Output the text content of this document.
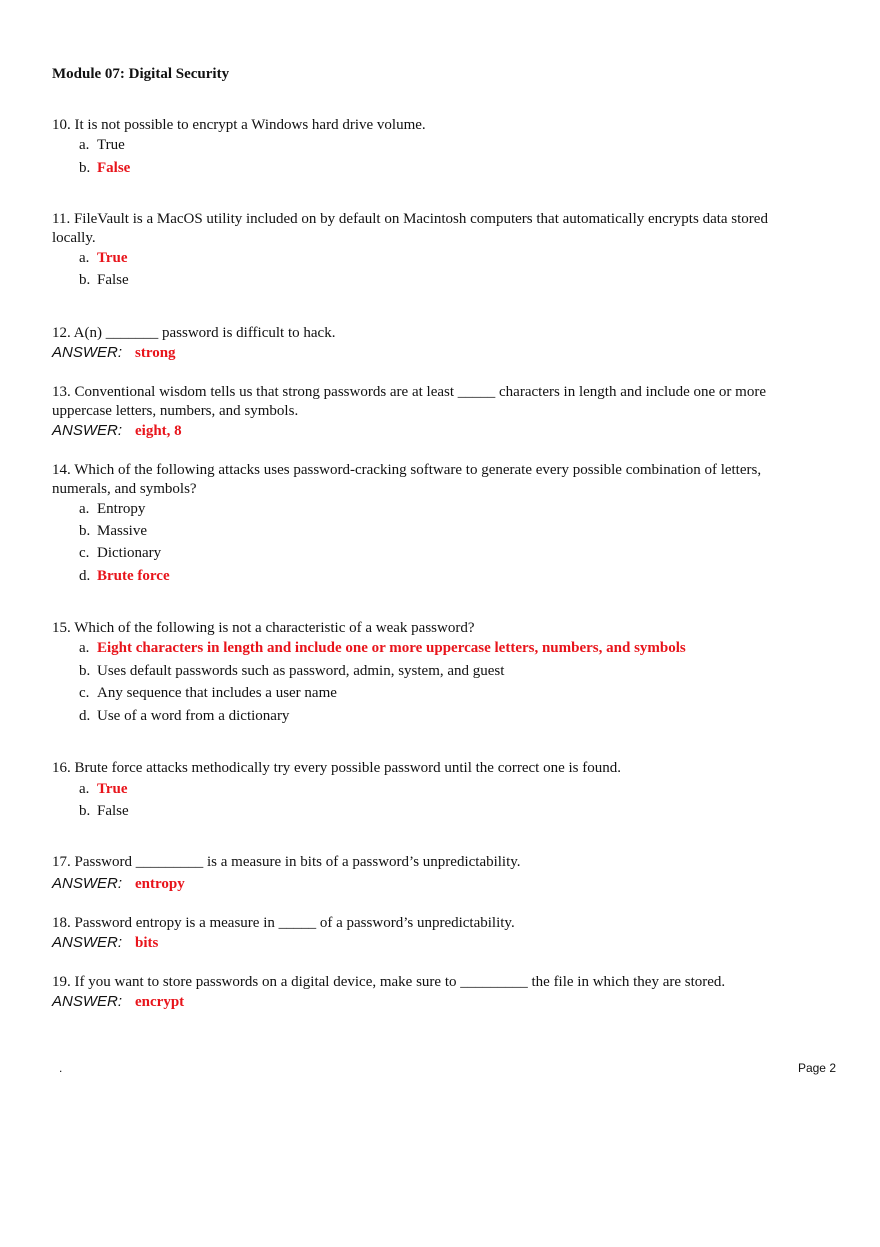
Module 07: Digital Security
10. It is not possible to encrypt a Windows hard drive volume.
a. True
b. False
11. FileVault is a MacOS utility included on by default on Macintosh computers that automatically encrypts data stored
locally.
a. True
b. False
12. A(n) _______ password is difficult to hack.
ANSWER: strong
13. Conventional wisdom tells us that strong passwords are at least _____ characters in length and include one or more
uppercase letters, numbers, and symbols.
ANSWER: eight, 8
14. Which of the following attacks uses password-cracking software to generate every possible combination of letters,
numerals, and symbols?
a. Entropy
b. Massive
c. Dictionary
d. Brute force
15. Which of the following is not a characteristic of a weak password?
a. Eight characters in length and include one or more uppercase letters, numbers, and symbols
b. Uses default passwords such as password, admin, system, and guest
c. Any sequence that includes a user name
d. Use of a word from a dictionary
16. Brute force attacks methodically try every possible password until the correct one is found.
a. True
b. False
17. Password _________ is a measure in bits of a password’s unpredictability.
ANSWER: entropy
18. Password entropy is a measure in _____ of a password’s unpredictability.
ANSWER: bits
19. If you want to store passwords on a digital device, make sure to _________ the file in which they are stored.
ANSWER: encrypt
.	Page 2
